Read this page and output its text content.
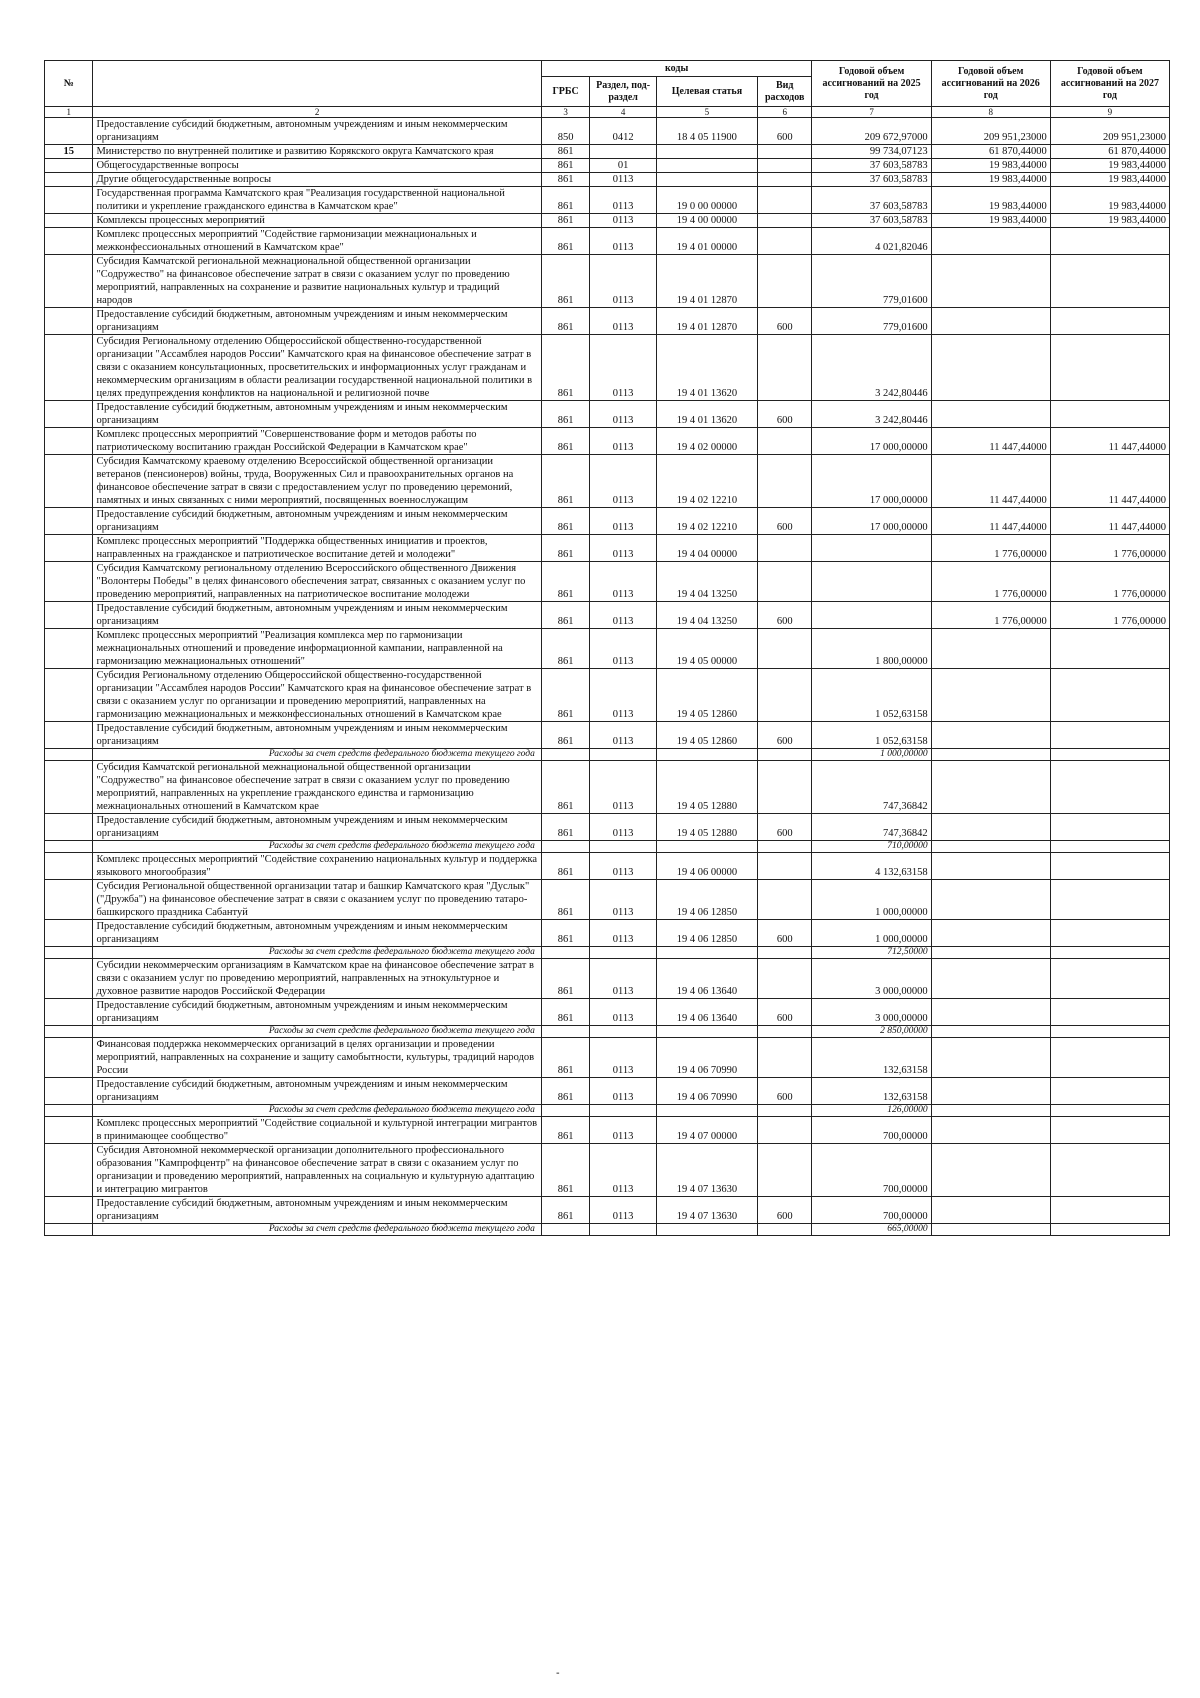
№		коды				Годовой объем ассигнований на 2025 год	Годовой объем ассигнований на 2026 год	Годовой объем ассигнований на 2027 год
		ГРБС	Раздел, под-раздел	Целевая статья	Вид расходов			
1	2	3	4	5	6	7	8	9
	Предоставление субсидий бюджетным, автономным учреждениям и иным некоммерческим организациям	850	0412	18 4 05 11900	600	209 672,97000	209 951,23000	209 951,23000
15	Министерство по внутренней политике и развитию Корякского округа Камчатского края	861				99 734,07123	61 870,44000	61 870,44000
	Общегосударственные вопросы	861	01			37 603,58783	19 983,44000	19 983,44000
	Другие общегосударственные вопросы	861	0113			37 603,58783	19 983,44000	19 983,44000
	Государственная программа Камчатского края "Реализация государственной национальной политики и укрепление гражданского единства в Камчатском крае"	861	0113	19 0 00 00000		37 603,58783	19 983,44000	19 983,44000
	Комплексы процессных мероприятий	861	0113	19 4 00 00000		37 603,58783	19 983,44000	19 983,44000
	Комплекс процессных мероприятий "Содействие гармонизации межнациональных и межконфессиональных отношений в Камчатском крае"	861	0113	19 4 01 00000		4 021,82046		
	Субсидия Камчатской региональной межнациональной общественной организации "Содружество" на финансовое обеспечение затрат в связи с оказанием услуг по проведению мероприятий, направленных на сохранение и развитие национальных культур и традиций народов	861	0113	19 4 01 12870		779,01600		
	Предоставление субсидий бюджетным, автономным учреждениям и иным некоммерческим организациям	861	0113	19 4 01 12870	600	779,01600		
	Субсидия Региональному отделению Общероссийской общественно-государственной организации "Ассамблея народов России" Камчатского края на финансовое обеспечение затрат в связи с оказанием консультационных, просветительских и информационных услуг гражданам и некоммерческим организациям в области реализации государственной национальной политики в целях предупреждения конфликтов на национальной и религиозной почве	861	0113	19 4 01 13620		3 242,80446		
	Предоставление субсидий бюджетным, автономным учреждениям и иным некоммерческим организациям	861	0113	19 4 01 13620	600	3 242,80446		
	Комплекс процессных мероприятий "Совершенствование форм и методов работы по патриотическому воспитанию граждан Российской Федерации в Камчатском крае"	861	0113	19 4 02 00000		17 000,00000	11 447,44000	11 447,44000
	Субсидия Камчатскому краевому отделению Всероссийской общественной организации ветеранов (пенсионеров) войны, труда, Вооруженных Сил и правоохранительных органов на финансовое обеспечение затрат в связи с предоставлением услуг по проведению церемоний, памятных и иных связанных с ними мероприятий, посвященных военнослужащим	861	0113	19 4 02 12210		17 000,00000	11 447,44000	11 447,44000
	Предоставление субсидий бюджетным, автономным учреждениям и иным некоммерческим организациям	861	0113	19 4 02 12210	600	17 000,00000	11 447,44000	11 447,44000
	Комплекс процессных мероприятий "Поддержка общественных инициатив и проектов, направленных на гражданское и патриотическое воспитание детей и молодежи"	861	0113	19 4 04 00000			1 776,00000	1 776,00000
	Субсидия Камчатскому региональному отделению Всероссийского общественного Движения "Волонтеры Победы" в целях финансового обеспечения затрат, связанных с оказанием услуг по проведению мероприятий, направленных на патриотическое воспитание молодежи	861	0113	19 4 04 13250			1 776,00000	1 776,00000
	Предоставление субсидий бюджетным, автономным учреждениям и иным некоммерческим организациям	861	0113	19 4 04 13250	600		1 776,00000	1 776,00000
	Комплекс процессных мероприятий "Реализация комплекса мер по гармонизации межнациональных отношений и проведение информационной кампании, направленной на гармонизацию межнациональных отношений"	861	0113	19 4 05 00000		1 800,00000		
	Субсидия Региональному отделению Общероссийской общественно-государственной организации "Ассамблея народов России" Камчатского края на финансовое обеспечение затрат в связи с оказанием услуг по организации и проведению мероприятий, направленных на гармонизацию межнациональных и межконфессиональных отношений в Камчатском крае	861	0113	19 4 05 12860		1 052,63158		
	Предоставление субсидий бюджетным, автономным учреждениям и иным некоммерческим организациям	861	0113	19 4 05 12860	600	1 052,63158		
	Расходы за счет средств федерального бюджета текущего года					1 000,00000		
	Субсидия Камчатской региональной межнациональной общественной организации "Содружество" на финансовое обеспечение затрат в связи с оказанием услуг по проведению мероприятий, направленных на укрепление гражданского единства и гармонизацию межнациональных отношений в Камчатском крае	861	0113	19 4 05 12880		747,36842		
	Предоставление субсидий бюджетным, автономным учреждениям и иным некоммерческим организациям	861	0113	19 4 05 12880	600	747,36842		
	Расходы за счет средств федерального бюджета текущего года					710,00000		
	Комплекс процессных мероприятий "Содействие сохранению национальных культур и поддержка языкового многообразия"	861	0113	19 4 06 00000		4 132,63158		
	Субсидия Региональной общественной организации татар и башкир Камчатского края "Дуслык" ("Дружба") на финансовое обеспечение затрат в связи с оказанием услуг по проведению татаро-башкирского праздника Сабантуй	861	0113	19 4 06 12850		1 000,00000		
	Предоставление субсидий бюджетным, автономным учреждениям и иным некоммерческим организациям	861	0113	19 4 06 12850	600	1 000,00000		
	Расходы за счет средств федерального бюджета текущего года					712,50000		
	Субсидии некоммерческим организациям в Камчатском крае на финансовое обеспечение затрат в связи с оказанием услуг по проведению мероприятий, направленных на этнокультурное и духовное развитие народов Российской Федерации	861	0113	19 4 06 13640		3 000,00000		
	Предоставление субсидий бюджетным, автономным учреждениям и иным некоммерческим организациям	861	0113	19 4 06 13640	600	3 000,00000		
	Расходы за счет средств федерального бюджета текущего года					2 850,00000		
	Финансовая поддержка некоммерческих организаций в целях организации и проведении мероприятий, направленных на сохранение и защиту самобытности, культуры, традиций народов России	861	0113	19 4 06 70990		132,63158		
	Предоставление субсидий бюджетным, автономным учреждениям и иным некоммерческим организациям	861	0113	19 4 06 70990	600	132,63158		
	Расходы за счет средств федерального бюджета текущего года					126,00000		
	Комплекс процессных мероприятий "Содействие социальной и культурной интеграции мигрантов в принимающее сообщество"	861	0113	19 4 07 00000		700,00000		
	Субсидия Автономной некоммерческой организации дополнительного профессионального образования "Кампрофцентр" на финансовое обеспечение затрат в связи с оказанием услуг по организации и проведению мероприятий, направленных на социальную и культурную адаптацию и интеграцию мигрантов	861	0113	19 4 07 13630		700,00000		
	Предоставление субсидий бюджетным, автономным учреждениям и иным некоммерческим организациям	861	0113	19 4 07 13630	600	700,00000		
	Расходы за счет средств федерального бюджета текущего года					665,00000		
-
